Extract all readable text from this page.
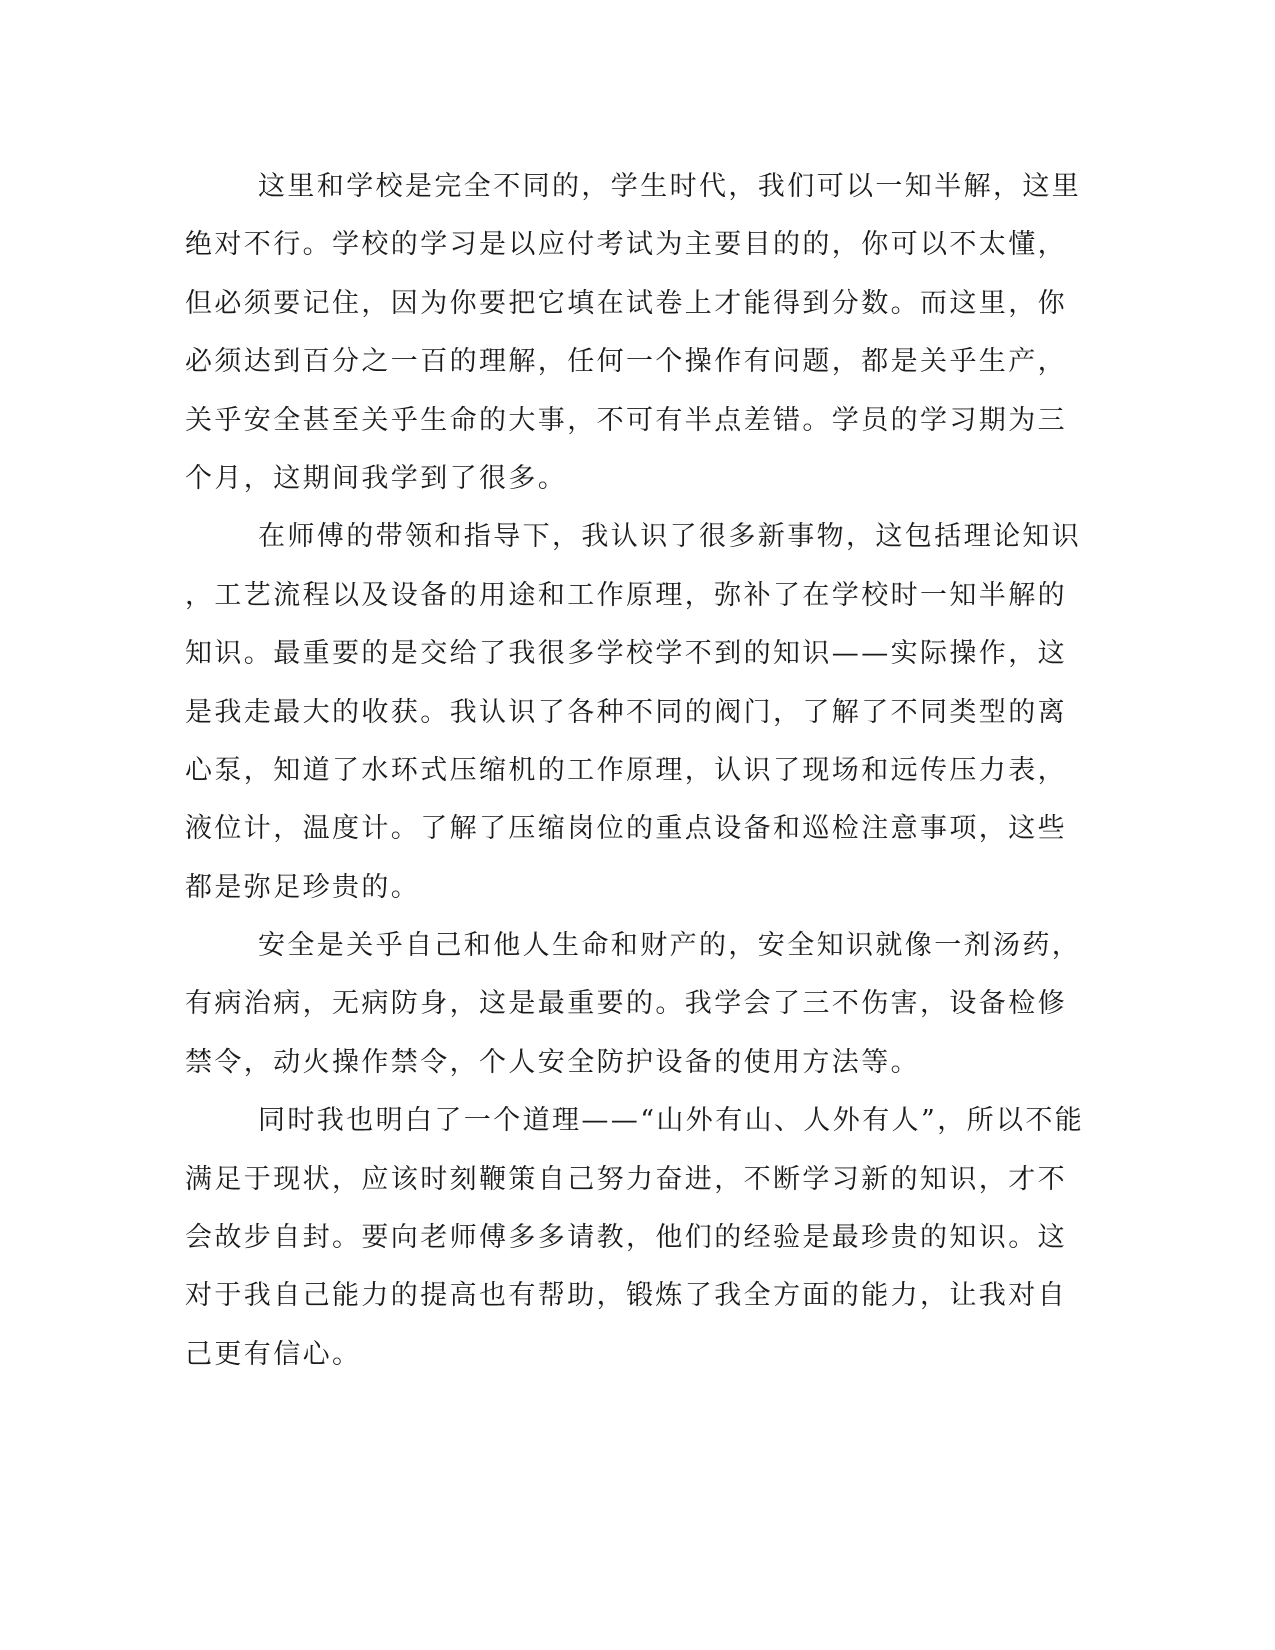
这里和学校是完全不同的，学生时代，我们可以一知半解，这里
绝对不行。学校的学习是以应付考试为主要目的的，你可以不太懂，
但必须要记住，因为你要把它填在试卷上才能得到分数。而这里，你
必须达到百分之一百的理解，任何一个操作有问题，都是关乎生产，
关乎安全甚至关乎生命的大事，不可有半点差错。学员的学习期为三
个月，这期间我学到了很多。
在师傅的带领和指导下，我认识了很多新事物，这包括理论知识
，工艺流程以及设备的用途和工作原理，弥补了在学校时一知半解的
知识。最重要的是交给了我很多学校学不到的知识——实际操作，这
是我走最大的收获。我认识了各种不同的阀门，了解了不同类型的离
心泵，知道了水环式压缩机的工作原理，认识了现场和远传压力表，
液位计，温度计。了解了压缩岗位的重点设备和巡检注意事项，这些
都是弥足珍贵的。
安全是关乎自己和他人生命和财产的，安全知识就像一剂汤药，
有病治病，无病防身，这是最重要的。我学会了三不伤害，设备检修
禁令，动火操作禁令，个人安全防护设备的使用方法等。
同时我也明白了一个道理——“山外有山、人外有人”，所以不能
满足于现状，应该时刻鞭策自己努力奋进，不断学习新的知识，才不
会故步自封。要向老师傅多多请教，他们的经验是最珍贵的知识。这
对于我自己能力的提高也有帮助，锻炼了我全方面的能力，让我对自
己更有信心。
